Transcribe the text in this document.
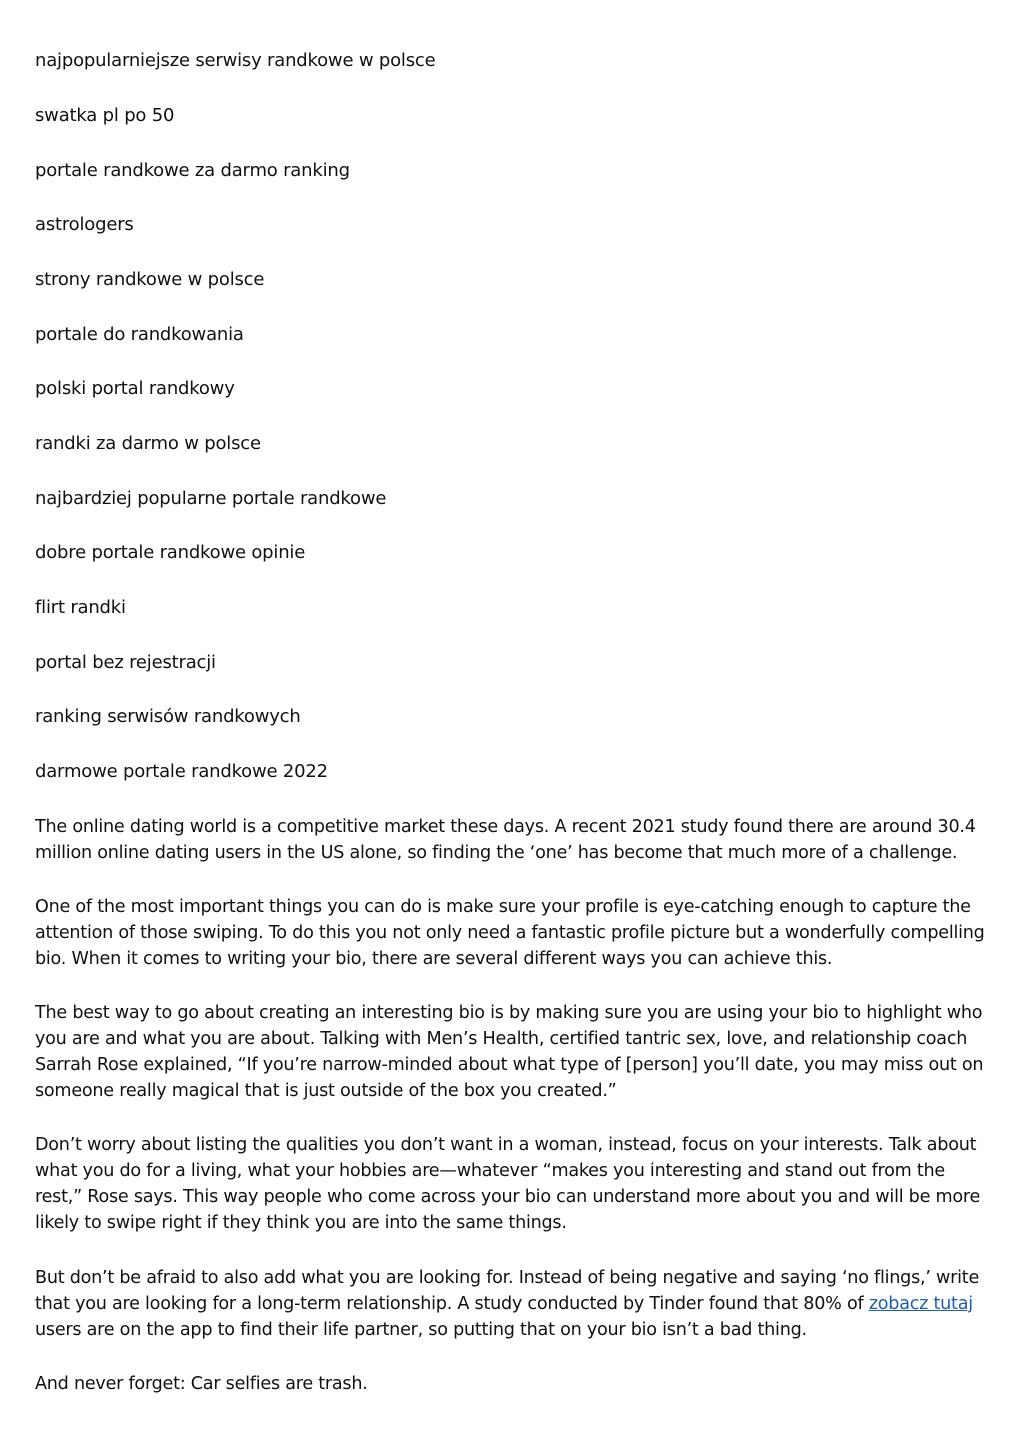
najpopularniejsze serwisy randkowe w polsce

swatka pl po 50

portale randkowe za darmo ranking

astrologers

strony randkowe w polsce

portale do randkowania

polski portal randkowy

randki za darmo w polsce

najbardziej popularne portale randkowe

dobre portale randkowe opinie

flirt randki

portal bez rejestracji

ranking serwisów randkowych

darmowe portale randkowe 2022

The online dating world is a competitive market these days. A recent 2021 study found there are around 30.4 million online dating users in the US alone, so finding the ‘one’ has become that much more of a challenge.

One of the most important things you can do is make sure your profile is eye-catching enough to capture the attention of those swiping. To do this you not only need a fantastic profile picture but a wonderfully compelling bio. When it comes to writing your bio, there are several different ways you can achieve this.

The best way to go about creating an interesting bio is by making sure you are using your bio to highlight who you are and what you are about. Talking with Men’s Health, certified tantric sex, love, and relationship coach Sarrah Rose explained, “If you’re narrow-minded about what type of [person] you’ll date, you may miss out on someone really magical that is just outside of the box you created.”

Don’t worry about listing the qualities you don’t want in a woman, instead, focus on your interests. Talk about what you do for a living, what your hobbies are—whatever “makes you interesting and stand out from the rest,” Rose says. This way people who come across your bio can understand more about you and will be more likely to swipe right if they think you are into the same things.

But don’t be afraid to also add what you are looking for. Instead of being negative and saying ‘no flings,’ write that you are looking for a long-term relationship. A study conducted by Tinder found that 80% of zobacz tutaj users are on the app to find their life partner, so putting that on your bio isn’t a bad thing.

And never forget: Car selfies are trash.
